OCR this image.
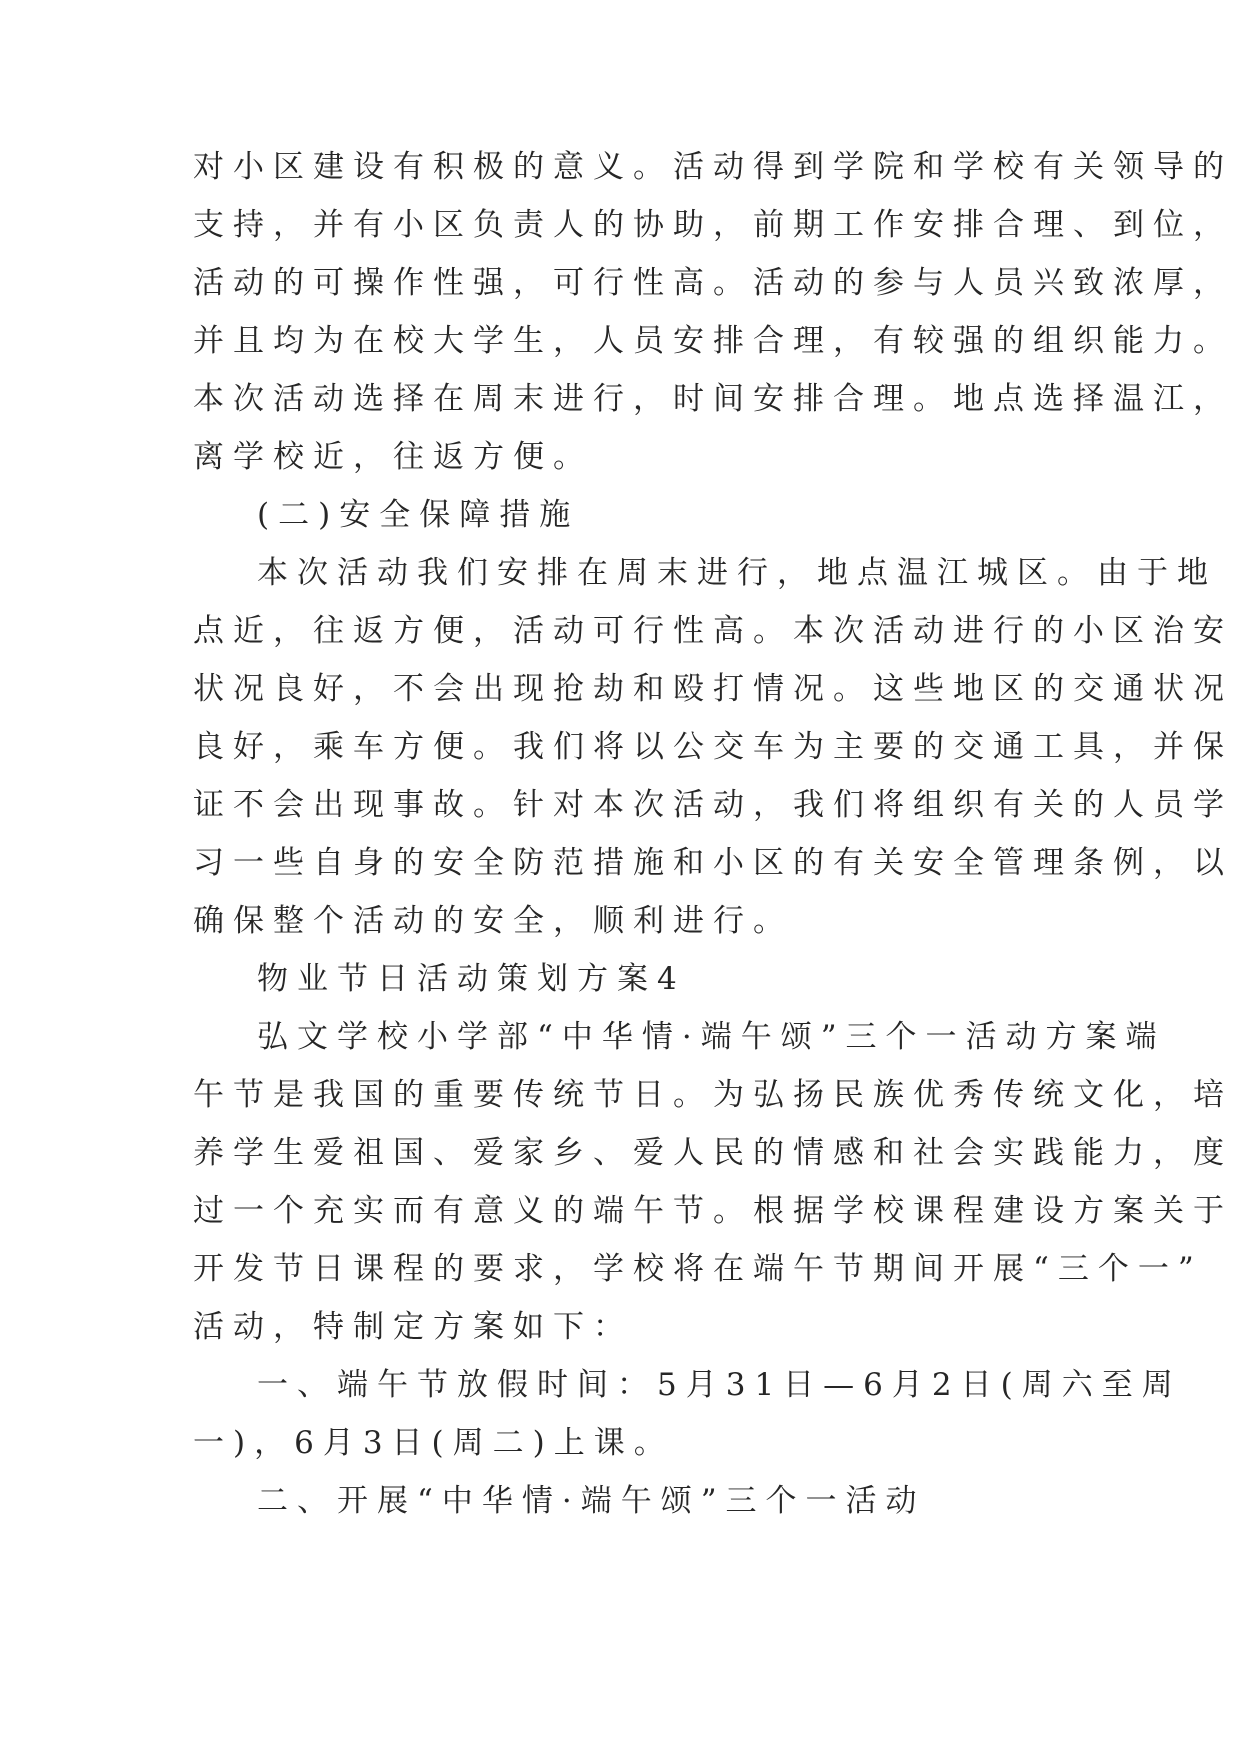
对小区建设有积极的意义。活动得到学院和学校有关领导的

支持，并有小区负责人的协助，前期工作安排合理、到位，

活动的可操作性强，可行性高。活动的参与人员兴致浓厚，

并且均为在校大学生，人员安排合理，有较强的组织能力。

本次活动选择在周末进行，时间安排合理。地点选择温江，

离学校近，往返方便。

(二)安全保障措施

本次活动我们安排在周末进行，地点温江城区。由于地

点近，往返方便，活动可行性高。本次活动进行的小区治安

状况良好，不会出现抢劫和殴打情况。这些地区的交通状况

良好，乘车方便。我们将以公交车为主要的交通工具，并保

证不会出现事故。针对本次活动，我们将组织有关的人员学

习一些自身的安全防范措施和小区的有关安全管理条例，以

确保整个活动的安全，顺利进行。

物业节日活动策划方案4

弘文学校小学部“中华情·端午颂”三个一活动方案端

午节是我国的重要传统节日。为弘扬民族优秀传统文化，培

养学生爱祖国、爱家乡、爱人民的情感和社会实践能力，度

过一个充实而有意义的端午节。根据学校课程建设方案关于

开发节日课程的要求，学校将在端午节期间开展“三个一”

活动，特制定方案如下：

一、端午节放假时间：5月31日—6月2日(周六至周

一)，6月3日(周二)上课。

二、开展“中华情·端午颂”三个一活动
